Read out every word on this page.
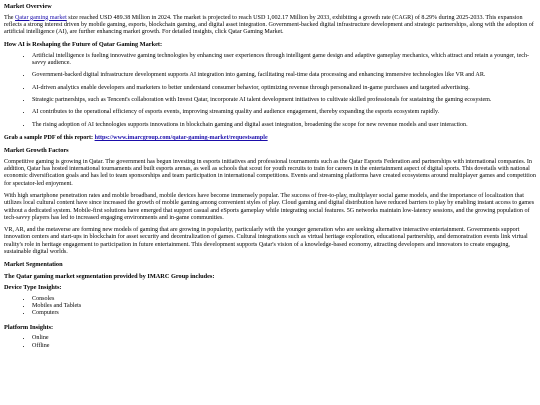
Market Overview

The Qatar gaming market size reached USD 489.38 Million in 2024. The market is projected to reach USD 1,002.17 Million by 2033, exhibiting a growth rate (CAGR) of 8.29% during 2025-2033. This expansion reflects a strong interest driven by mobile gaming, esports, blockchain gaming, and digital asset integration. Government-backed digital infrastructure development and strategic partnerships, along with the adoption of artificial intelligence (AI), are further enhancing market growth. For detailed insights, click Qatar Gaming Market.

How AI is Reshaping the Future of Qatar Gaming Market:
• Artificial intelligence is fueling innovative gaming technologies by enhancing user experiences through intelligent game design and adaptive gameplay mechanics, which attract and retain a younger, tech-savvy audience.
• Government-backed digital infrastructure development supports AI integration into gaming, facilitating real-time data processing and enhancing immersive technologies like VR and AR.
• AI-driven analytics enable developers and marketers to better understand consumer behavior, optimizing revenue through personalized in-game purchases and targeted advertising.
• Strategic partnerships, such as Tencent's collaboration with Invest Qatar, incorporate AI talent development initiatives to cultivate skilled professionals for sustaining the gaming ecosystem.
• AI contributes to the operational efficiency of esports events, improving streaming quality and audience engagement, thereby expanding the esports ecosystem rapidly.
• The rising adoption of AI technologies supports innovations in blockchain gaming and digital asset integration, broadening the scope for new revenue models and user interaction.

Grab a sample PDF of this report: https://www.imarcgroup.com/qatar-gaming-market/requestsample

Market Growth Factors

Competitive gaming is growing in Qatar. The government has begun investing in esports initiatives and professional tournaments such as the Qatar Esports Federation and partnerships with international companies. In addition, Qatar has hosted international tournaments and built esports arenas, as well as schools that scout for youth recruits to train for careers in the entertainment aspect of digital sports. This dovetails with national economic diversification goals and has led to team sponsorships and team participation in international competitions. Events and streaming platforms have created ecosystems around multiplayer games and competition for spectator-led enjoyment.

With high smartphone penetration rates and mobile broadband, mobile devices have become immensely popular. The success of free-to-play, multiplayer social game models, and the importance of localization that utilizes local cultural content have since increased the growth of mobile gaming among convenient styles of play. Cloud gaming and digital distribution have reduced barriers to play by enabling instant access to games without a dedicated system. Mobile-first solutions have emerged that support casual and eSports gameplay while integrating social features. 5G networks maintain low-latency sessions, and the growing population of tech-savvy players has led to increased engaging environments and in-game communities.

VR, AR, and the metaverse are forming new models of gaming that are growing in popularity, particularly with the younger generation who are seeking alternative interactive entertainment. Governments support innovation centers and start-ups in blockchain for asset security and decentralization of games. Cultural integrations such as virtual heritage exploration, educational partnership, and demonstration events link virtual reality's role in heritage engagement to participation in future entertainment. This development supports Qatar's vision of a knowledge-based economy, attracting developers and innovators to create engaging, sustainable digital worlds.

Market Segmentation
The Qatar gaming market segmentation provided by IMARC Group includes:
Device Type Insights:
• Consoles
• Mobiles and Tablets
• Computers
Platform Insights:
• Online
• Offline
